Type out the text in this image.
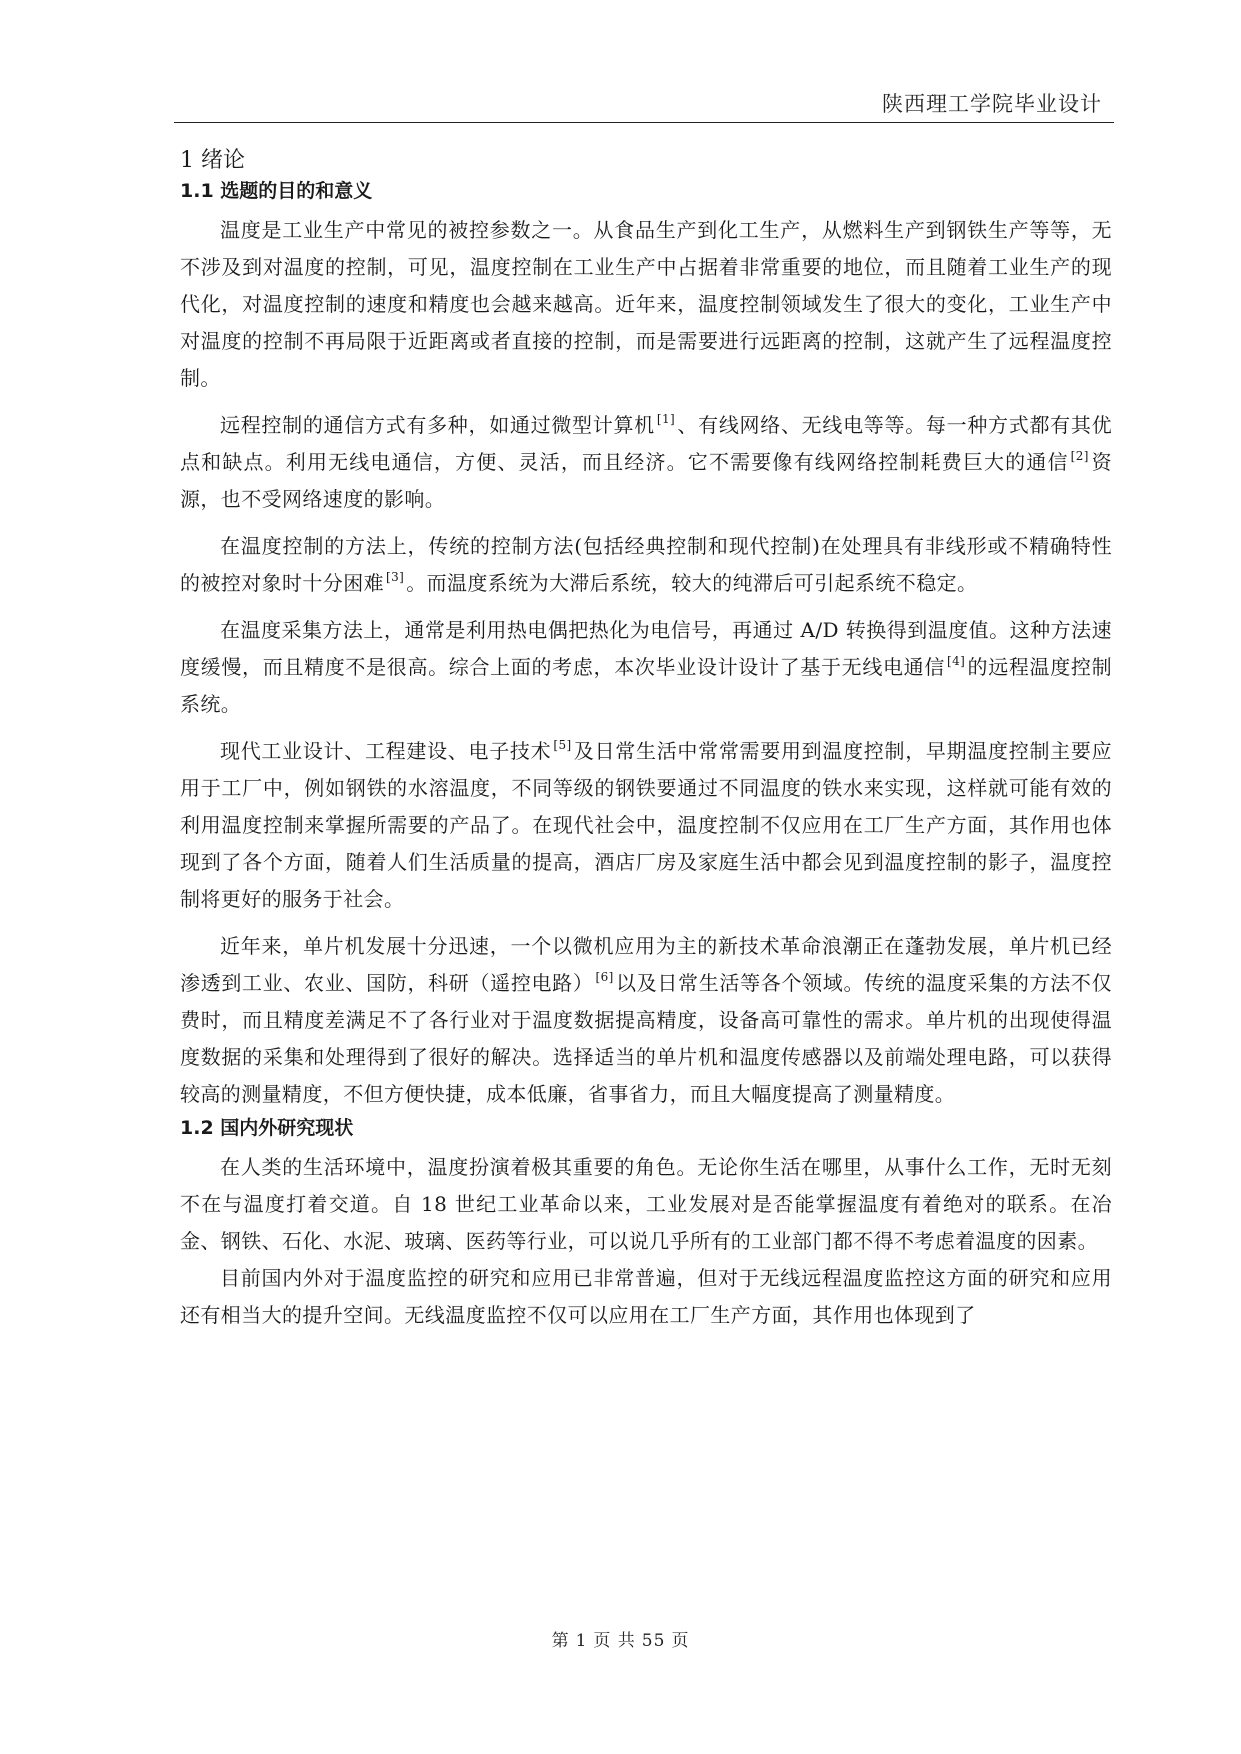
陕西理工学院毕业设计
1 绪论
1.1 选题的目的和意义

温度是工业生产中常见的被控参数之一。从食品生产到化工生产，从燃料生产到钢铁生产等等，无不涉及到对温度的控制，可见，温度控制在工业生产中占据着非常重要的地位，而且随着工业生产的现代化，对温度控制的速度和精度也会越来越高。近年来，温度控制领域发生了很大的变化，工业生产中对温度的控制不再局限于近距离或者直接的控制，而是需要进行远距离的控制，这就产生了远程温度控制。

远程控制的通信方式有多种，如通过微型计算机 [1] 、有线网络、无线电等等。每一种方式都有其优点和缺点。利用无线电通信，方便、灵活，而且经济。它不需要像有线网络控制耗费巨大的通信 [2] 资源，也不受网络速度的影响。

在温度控制的方法上，传统的控制方法(包括经典控制和现代控制)在处理具有非线形或不精确特性的被控对象时十分困难 [3] 。而温度系统为大滞后系统，较大的纯滞后可引起系统不稳定。

在温度采集方法上，通常是利用热电偶把热化为电信号，再通过 A/D 转换得到温度值。这种方法速度缓慢，而且精度不是很高。综合上面的考虑，本次毕业设计设计了基于无线电通信 [4] 的远程温度控制系统。

现代工业设计、工程建设、电子技术 [5] 及日常生活中常常需要用到温度控制，早期温度控制主要应用于工厂中，例如钢铁的水溶温度，不同等级的钢铁要通过不同温度的铁水来实现，这样就可能有效的利用温度控制来掌握所需要的产品了。在现代社会中，温度控制不仅应用在工厂生产方面，其作用也体现到了各个方面，随着人们生活质量的提高，酒店厂房及家庭生活中都会见到温度控制的影子，温度控制将更好的服务于社会。

近年来，单片机发展十分迅速，一个以微机应用为主的新技术革命浪潮正在蓬勃发展，单片机已经渗透到工业、农业、国防，科研（遥控电路） [6] 以及日常生活等各个领域。传统的温度采集的方法不仅费时，而且精度差满足不了各行业对于温度数据提高精度，设备高可靠性的需求。单片机的出现使得温度数据的采集和处理得到了很好的解决。选择适当的单片机和温度传感器以及前端处理电路，可以获得较高的测量精度，不但方便快捷，成本低廉，省事省力，而且大幅度提高了测量精度。

1.2 国内外研究现状

在人类的生活环境中，温度扮演着极其重要的角色。无论你生活在哪里，从事什么工作，无时无刻不在与温度打着交道。自 18 世纪工业革命以来，工业发展对是否能掌握温度有着绝对的联系。在冶金、钢铁、石化、水泥、玻璃、医药等行业，可以说几乎所有的工业部门都不得不考虑着温度的因素。

目前国内外对于温度监控的研究和应用已非常普遍，但对于无线远程温度监控这方面的研究和应用还有相当大的提升空间。无线温度监控不仅可以应用在工厂生产方面，其作用也体现到了

第 1 页 共 55 页
